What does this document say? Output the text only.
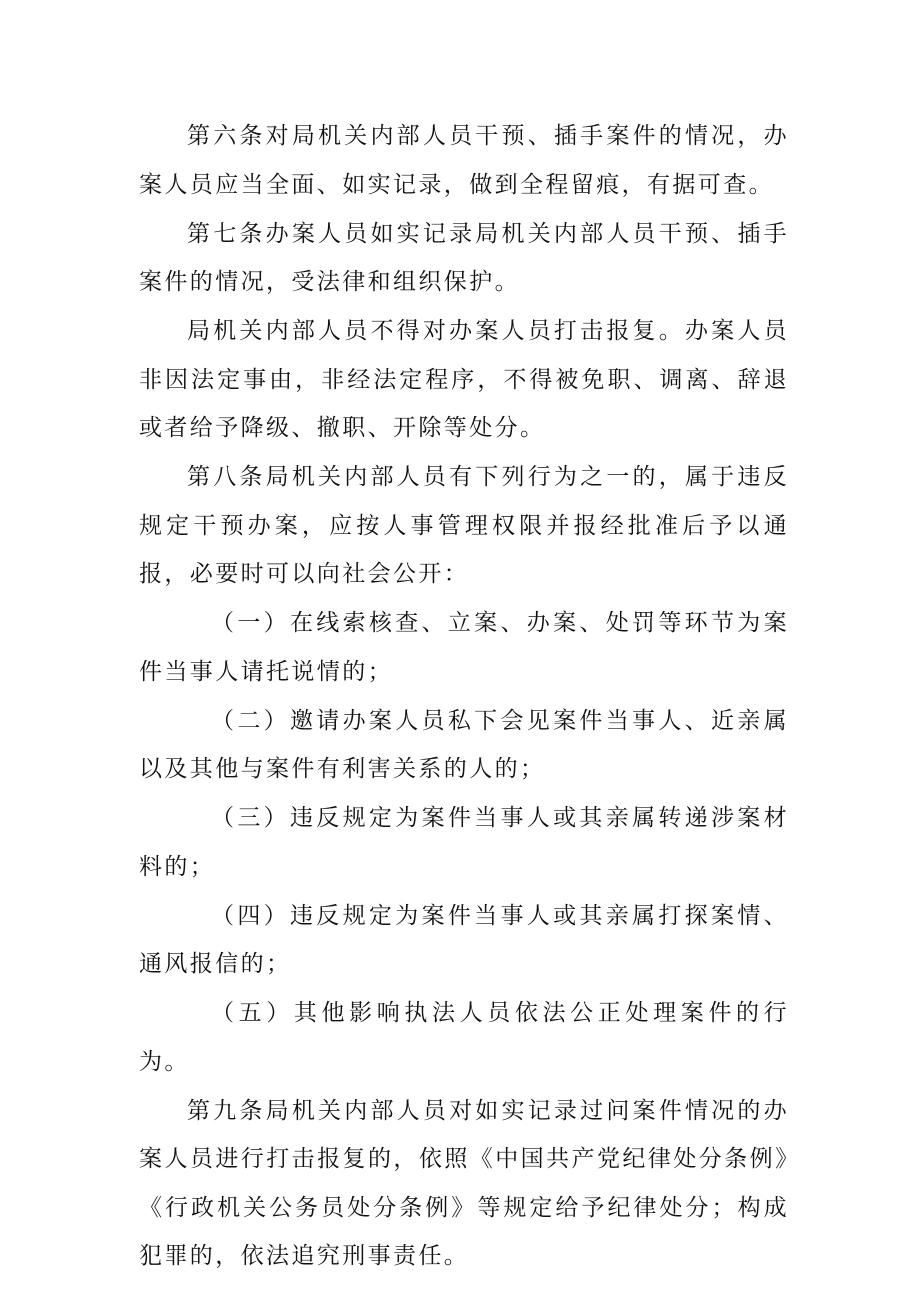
第六条对局机关内部人员干预、插手案件的情况，办案人员应当全面、如实记录，做到全程留痕，有据可查。

第七条办案人员如实记录局机关内部人员干预、插手案件的情况，受法律和组织保护。

局机关内部人员不得对办案人员打击报复。办案人员非因法定事由，非经法定程序，不得被免职、调离、辞退或者给予降级、撤职、开除等处分。

第八条局机关内部人员有下列行为之一的，属于违反规定干预办案，应按人事管理权限并报经批准后予以通报，必要时可以向社会公开：

（一）在线索核查、立案、办案、处罚等环节为案件当事人请托说情的；

（二）邀请办案人员私下会见案件当事人、近亲属以及其他与案件有利害关系的人的；

（三）违反规定为案件当事人或其亲属转递涉案材料的；

（四）违反规定为案件当事人或其亲属打探案情、通风报信的；

（五）其他影响执法人员依法公正处理案件的行为。

第九条局机关内部人员对如实记录过问案件情况的办案人员进行打击报复的，依照《中国共产党纪律处分条例》《行政机关公务员处分条例》等规定给予纪律处分；构成犯罪的，依法追究刑事责任。
